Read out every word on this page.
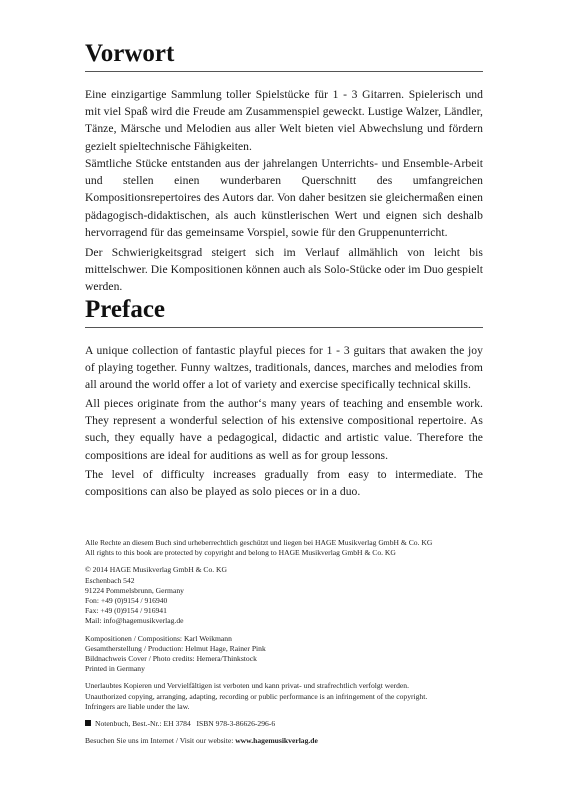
Vorwort

Eine einzigartige Sammlung toller Spielstücke für 1 - 3 Gitarren. Spielerisch und mit viel Spaß wird die Freude am Zusammenspiel geweckt. Lustige Walzer, Ländler, Tänze, Märsche und Melodien aus aller Welt bieten viel Abwechslung und fördern gezielt spieltechnische Fähigkeiten.

Sämtliche Stücke entstanden aus der jahrelangen Unterrichts- und Ensemble-Arbeit und stellen einen wunderbaren Querschnitt des umfangreichen Kompositionsrepertoires des Autors dar. Von daher besitzen sie gleichermaßen einen pädagogisch-didaktischen, als auch künstlerischen Wert und eignen sich deshalb hervorragend für das gemeinsame Vorspiel, sowie für den Gruppenunterricht.

Der Schwierigkeitsgrad steigert sich im Verlauf allmählich von leicht bis mittelschwer. Die Kompositionen können auch als Solo-Stücke oder im Duo gespielt werden.

Preface

A unique collection of fantastic playful pieces for 1 - 3 guitars that awaken the joy of playing together. Funny waltzes, traditionals, dances, marches and melodies from all around the world offer a lot of variety and exercise specifically technical skills.

All pieces originate from the author‘s many years of teaching and ensemble work. They represent a wonderful selection of his extensive compositional repertoire. As such, they equally have a pedagogical, didactic and artistic value. Therefore the compositions are ideal for auditions as well as for group lessons.

The level of difficulty increases gradually from easy to intermediate. The compositions can also be played as solo pieces or in a duo.

Alle Rechte an diesem Buch sind urheberrechtlich geschützt und liegen bei HAGE Musikverlag GmbH & Co. KG

All rights to this book are protected by copyright and belong to HAGE Musikverlag GmbH & Co. KG

© 2014 HAGE Musikverlag GmbH & Co. KG

Eschenbach 542

91224 Pommelsbrunn, Germany

Fon: +49 (0)9154 / 916940

Fax: +49 (0)9154 / 916941

Mail: info@hagemusikverlag.de

Kompositionen / Compositions: Karl Weikmann

Gesamtherstellung / Production: Helmut Hage, Rainer Pink

Bildnachweis Cover / Photo credits: Hemera/Thinkstock

Printed in Germany

Unerlaubtes Kopieren und Vervielfältigen ist verboten und kann privat- und strafrechtlich verfolgt werden.

Unauthorized copying, arranging, adapting, recording or public performance is an infringement of the copyright.

Infringers are liable under the law.

Notenbuch, Best.-Nr.: EH 3784   ISBN 978-3-86626-296-6

Besuchen Sie uns im Internet / Visit our website: www.hagemusikverlag.de
